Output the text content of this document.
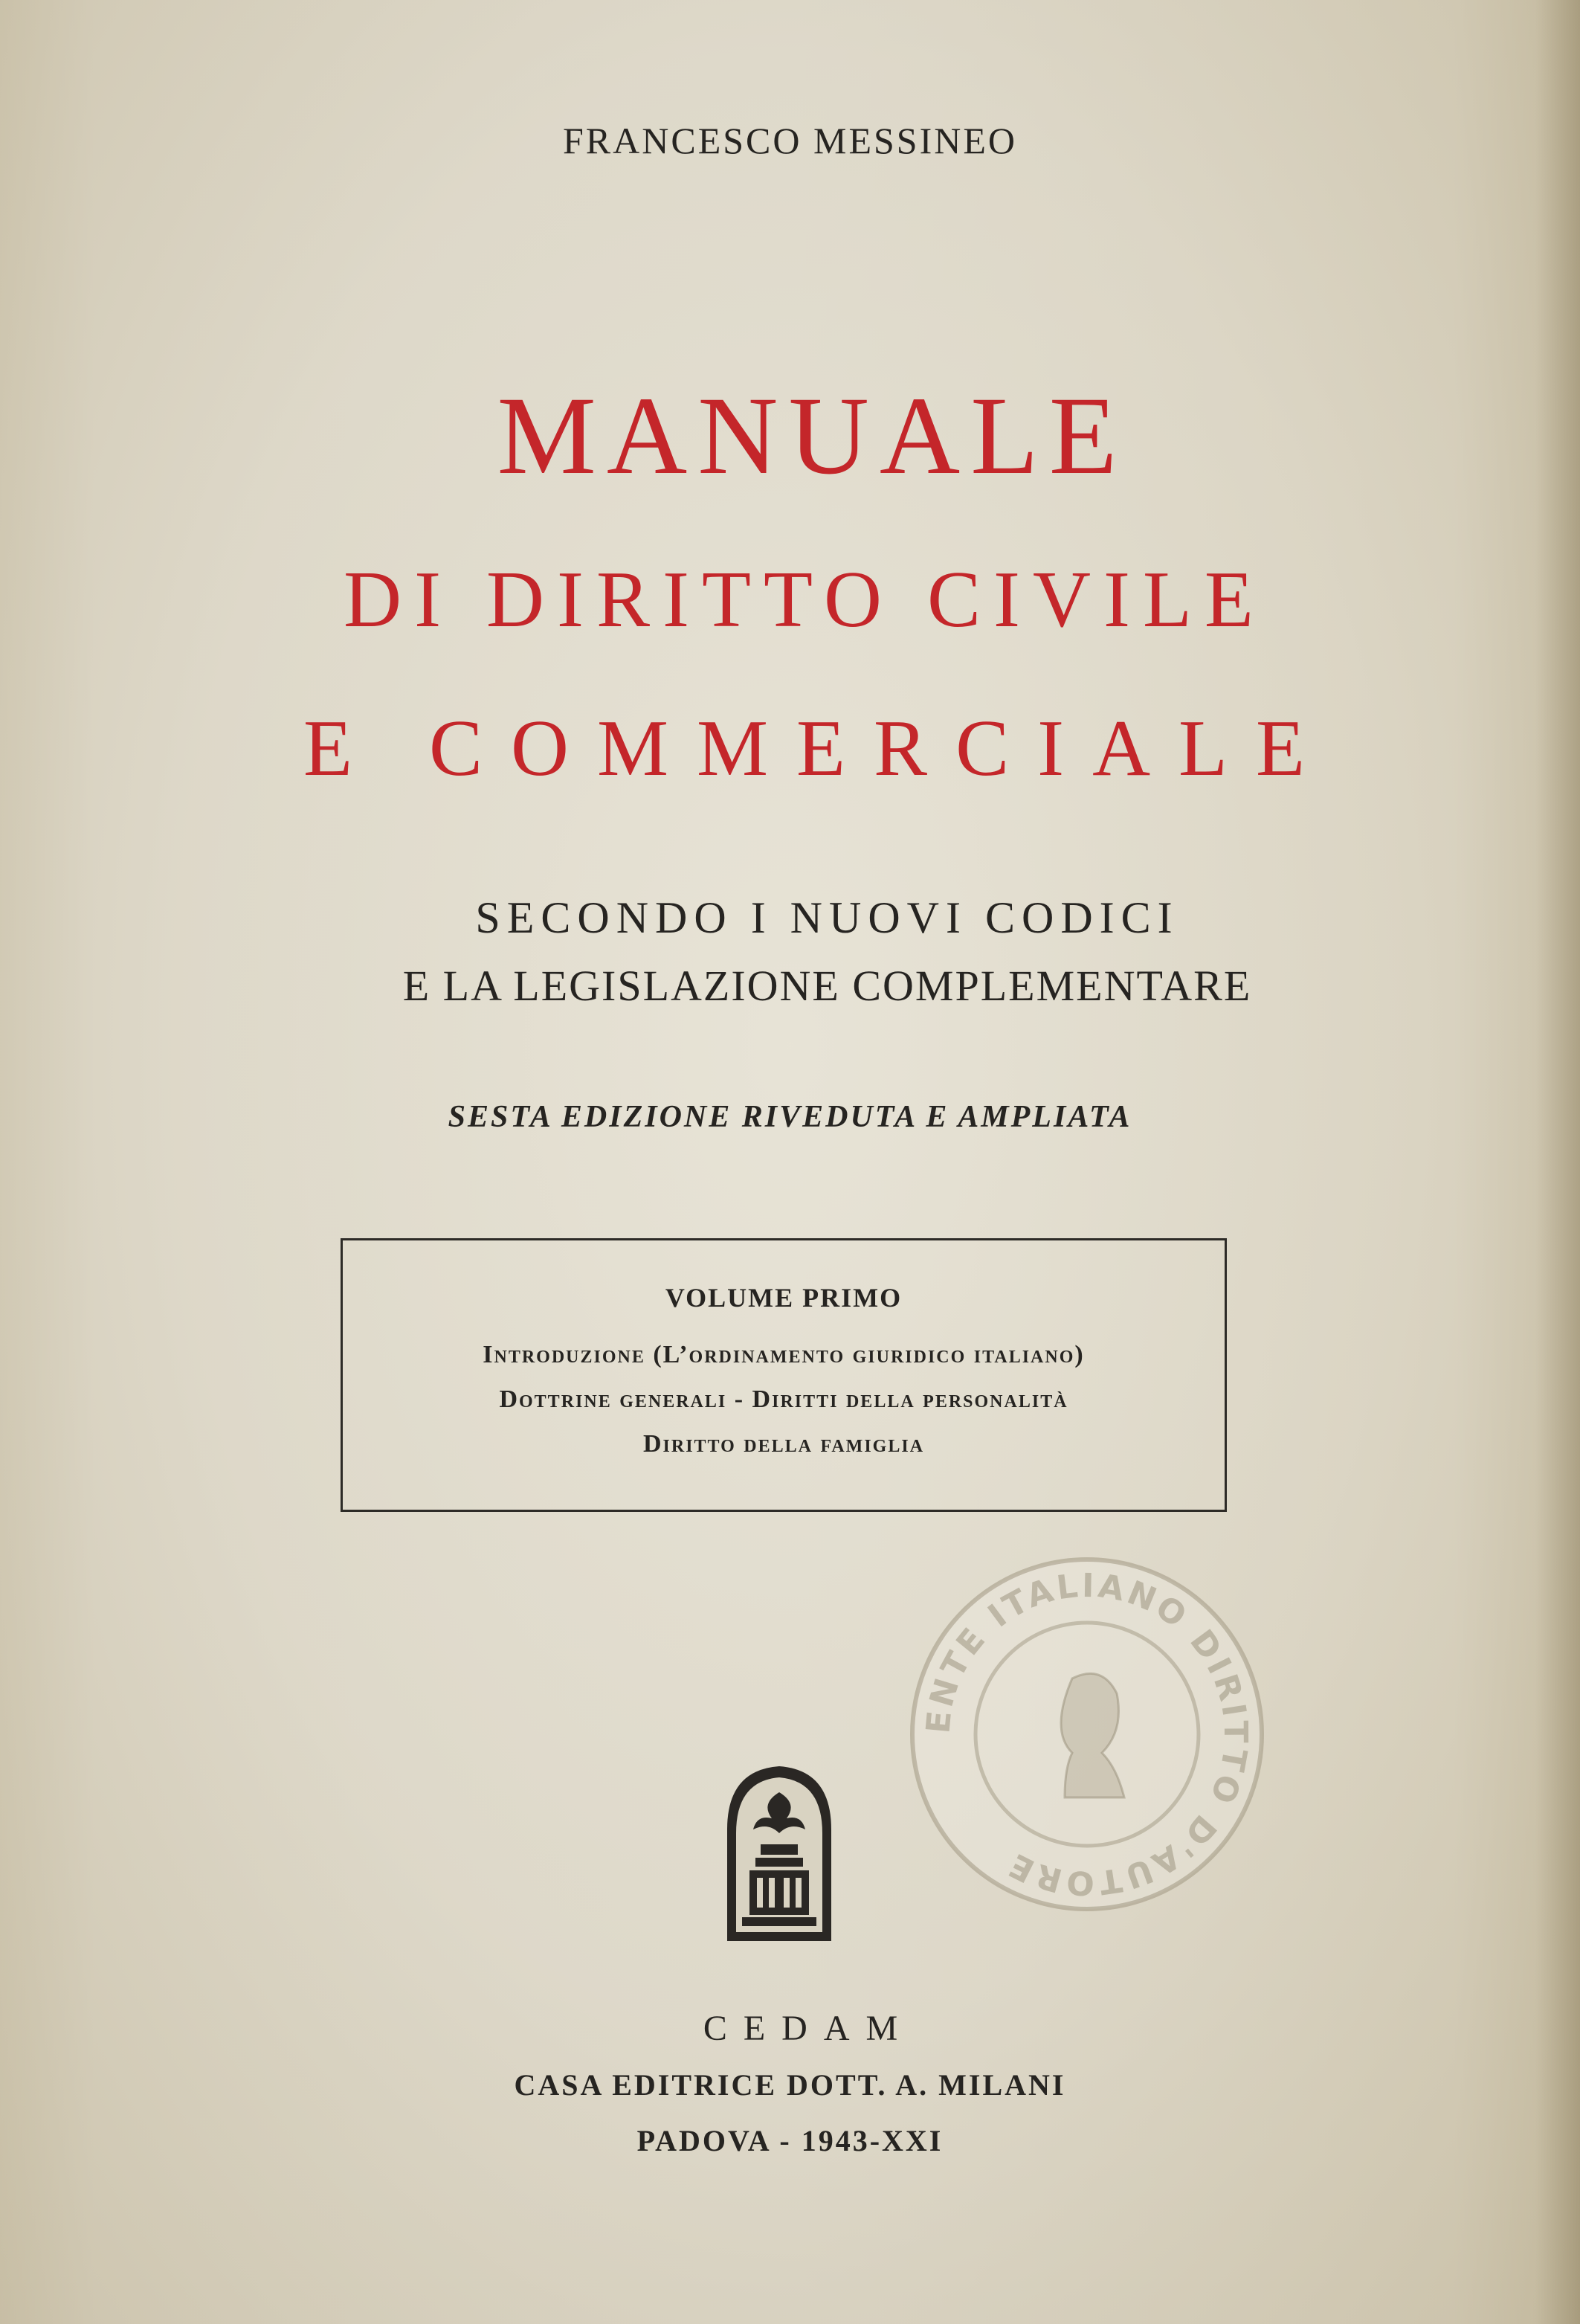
FRANCESCO MESSINEO
MANUALE
DI DIRITTO CIVILE
E COMMERCIALE
SECONDO I NUOVI CODICI
E LA LEGISLAZIONE COMPLEMENTARE
SESTA EDIZIONE RIVEDUTA E AMPLIATA
VOLUME PRIMO
Introduzione (L’ordinamento giuridico italiano)
Dottrine generali - Diritti della personalità
Diritto della famiglia
ENTE ITALIANO DIRITTO D'AUTORE
CEDAM
CASA EDITRICE DOTT. A. MILANI
PADOVA - 1943-XXI
